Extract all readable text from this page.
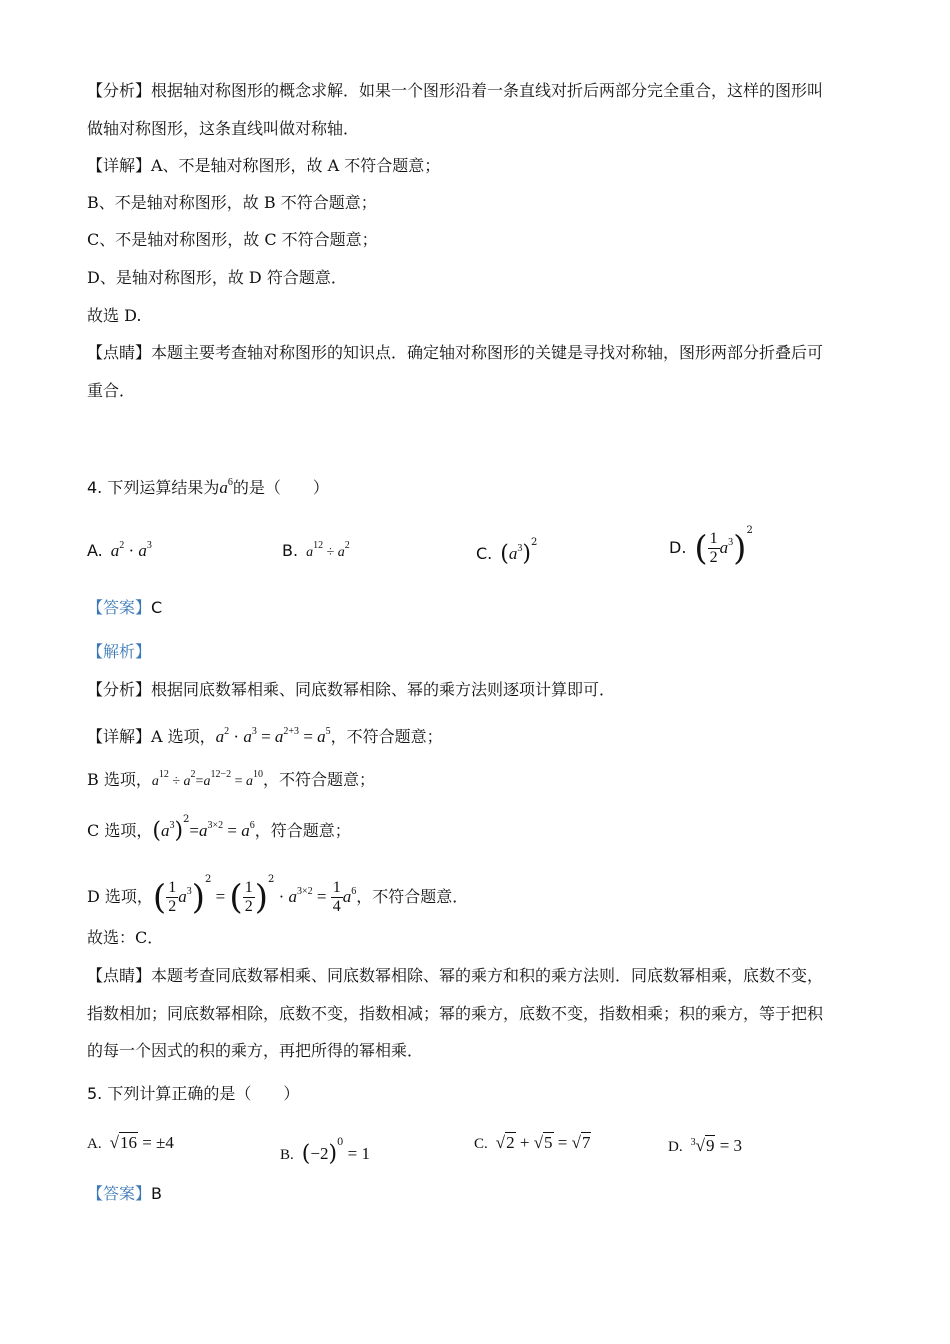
【分析】根据轴对称图形的概念求解．如果一个图形沿着一条直线对折后两部分完全重合，这样的图形叫
做轴对称图形，这条直线叫做对称轴．
【详解】A、不是轴对称图形，故 A 不符合题意；
B、不是轴对称图形，故 B 不符合题意；
C、不是轴对称图形，故 C 不符合题意；
D、是轴对称图形，故 D 符合题意．
故选 D.
【点睛】本题主要考查轴对称图形的知识点．确定轴对称图形的关键是寻找对称轴，图形两部分折叠后可
重合．
4. 下列运算结果为$a^6$的是（　　）
A. $a^2 \cdot a^3$	B. $a^{12} \div a^2$	C. $(a^3)^2$	D. ( $\frac{1}{2} a^3)^2$
【答案】C
【解析】
【分析】根据同底数幂相乘、同底数幂相除、幂的乘方法则逐项计算即可．
【详解】A 选项，$a^2 \cdot a^3 = a^{2+3} = a^5$，不符合题意；
B 选项，$a^{12} \div a^2=a^{12-2} = a^{10}$，不符合题意；
C 选项，$(a^3)^2=a^{3\times 2} = a^6$，符合题意；
D 选项，( $\frac{1}{2} a^3)^2$ = ( $\frac{1}{2} )^2 \cdot a^{3\times 2} = \frac{1}{4} a^6$，不符合题意．
故选：C．
【点睛】本题考查同底数幂相乘、同底数幂相除、幂的乘方和积的乘方法则．同底数幂相乘，底数不变，
指数相加；同底数幂相除，底数不变，指数相减；幂的乘方，底数不变，指数相乘；积的乘方，等于把积
的每一个因式的积的乘方，再把所得的幂相乘．
5. 下列计算正确的是（　　）
A. √16 = ±4
B. $(-2)^0 = 1$	C. √2 + √5 = √7	D. $^3$√9 = 3
【答案】B
